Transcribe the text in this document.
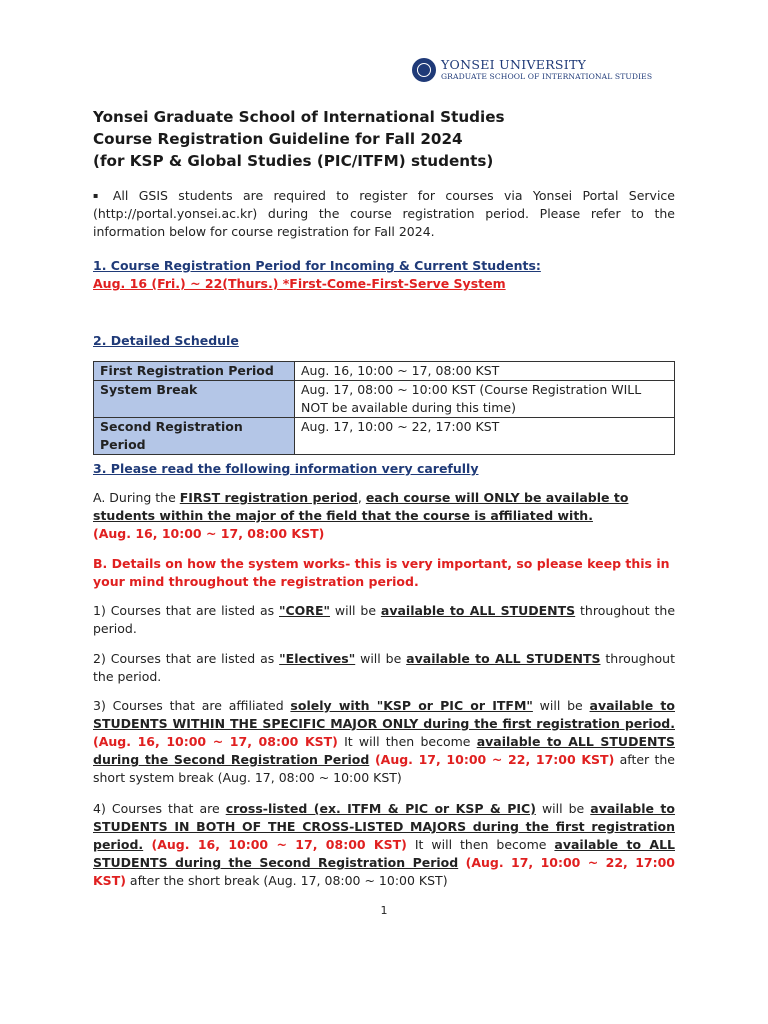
YONSEI UNIVERSITY
GRADUATE SCHOOL OF INTERNATIONAL STUDIES
Yonsei Graduate School of International Studies
Course Registration Guideline for Fall 2024
(for KSP & Global Studies (PIC/ITFM) students)
▪ All GSIS students are required to register for courses via Yonsei Portal Service (http://portal.yonsei.ac.kr) during the course registration period. Please refer to the information below for course registration for Fall 2024.
1. Course Registration Period for Incoming & Current Students:
Aug. 16 (Fri.) ~ 22(Thurs.) *First-Come-First-Serve System
2. Detailed Schedule
First Registration Period	Aug. 16, 10:00 ~ 17, 08:00 KST
System Break	Aug. 17, 08:00 ~ 10:00 KST (Course Registration WILL NOT be available during this time)
Second Registration Period	Aug. 17, 10:00 ~ 22, 17:00 KST
3. Please read the following information very carefully
A. During the FIRST registration period, each course will ONLY be available to students within the major of the field that the course is affiliated with.
(Aug. 16, 10:00 ~ 17, 08:00 KST)
B. Details on how the system works- this is very important, so please keep this in your mind throughout the registration period.
1) Courses that are listed as "CORE" will be available to ALL STUDENTS throughout the period.
2) Courses that are listed as "Electives" will be available to ALL STUDENTS throughout the period.
3) Courses that are affiliated solely with "KSP or PIC or ITFM" will be available to STUDENTS WITHIN THE SPECIFIC MAJOR ONLY during the first registration period. (Aug. 16, 10:00 ~ 17, 08:00 KST) It will then become available to ALL STUDENTS during the Second Registration Period (Aug. 17, 10:00 ~ 22, 17:00 KST) after the short system break (Aug. 17, 08:00 ~ 10:00 KST)
4) Courses that are cross-listed (ex. ITFM & PIC or KSP & PIC) will be available to STUDENTS IN BOTH OF THE CROSS-LISTED MAJORS during the first registration period. (Aug. 16, 10:00 ~ 17, 08:00 KST) It will then become available to ALL STUDENTS during the Second Registration Period (Aug. 17, 10:00 ~ 22, 17:00 KST) after the short break (Aug. 17, 08:00 ~ 10:00 KST)
1
